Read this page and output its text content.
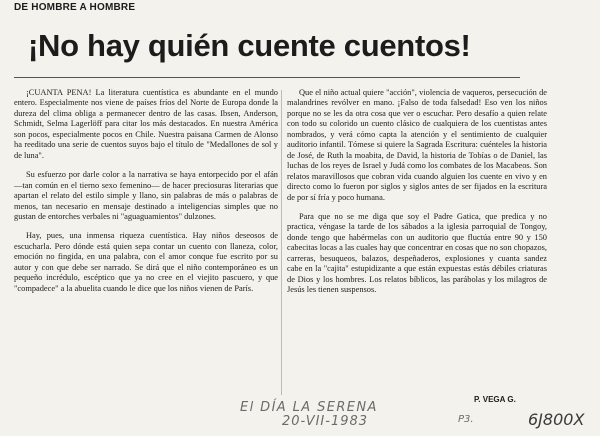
DE HOMBRE A HOMBRE
¡No hay quién cuente cuentos!

¡CUANTA PENA! La literatura cuentística es abundante en el mundo entero. Especialmente nos viene de países fríos del Norte de Europa donde la dureza del clima obliga a permanecer dentro de las casas. Ibsen, Anderson, Schmidt, Selma Lagerlöff para citar los más destacados. En nuestra América son pocos, especialmente pocos en Chile. Nuestra paisana Carmen de Alonso ha reeditado una serie de cuentos suyos bajo el título de "Medallones de sol y de luna".

Su esfuerzo por darle color a la narrativa se haya entorpecido por el afán —tan común en el tierno sexo femenino— de hacer preciosuras literarias que apartan el relato del estilo simple y llano, sin palabras de más o palabras de menos, tan necesario en mensaje destinado a inteligencias simples que no gustan de entorches verbales ni "aguaguamientos" dulzones.

Hay, pues, una inmensa riqueza cuentística. Hay niños deseosos de escucharla. Pero dónde está quien sepa contar un cuento con llaneza, color, emoción no fingida, en una palabra, con el amor conque fue escrito por su autor y con que debe ser narrado. Se dirá que el niño contemporáneo es un pequeño incrédulo, escéptico que ya no cree en el viejito pascuero, y que "compadece" a la abuelita cuando le dice que los niños vienen de París.

Que el niño actual quiere "acción", violencia de vaqueros, persecución de malandrines revólver en mano. ¡Falso de toda falsedad! Eso ven los niños porque no se les da otra cosa que ver o escuchar. Pero desafío a quien relate con todo su colorido un cuento clásico de cualquiera de los cuentistas antes nombrados, y verá cómo capta la atención y el sentimiento de cualquier auditorio infantil. Tómese si quiere la Sagrada Escritura: cuénteles la historia de José, de Ruth la moabita, de David, la historia de Tobías o de Daniel, las luchas de los reyes de Israel y Judá como los combates de los Macabeos. Son relatos maravillosos que cobran vida cuando alguien los cuente en vivo y en directo como lo fueron por siglos y siglos antes de ser fijados en la escritura de por sí fría y poco humana.

Para que no se me diga que soy el Padre Gatica, que predica y no practica, véngase la tarde de los sábados a la iglesia parroquial de Tongoy, donde tengo que habérmelas con un auditorio que fluctúa entre 90 y 150 cabecitas locas a las cuales hay que concentrar en cosas que no son chopazos, carreras, besuqueos, balazos, despeñaderos, explosiones y cuanta sandez cabe en la "cajita" estupidizante a que están expuestas estás débiles criaturas de Dios y los hombres. Los relatos bíblicos, las parábolas y los milagros de Jesús les tienen suspensos.

P. VEGA G.
El DÍA LA SERENA
20-VII-1983	P3.	6J800X
